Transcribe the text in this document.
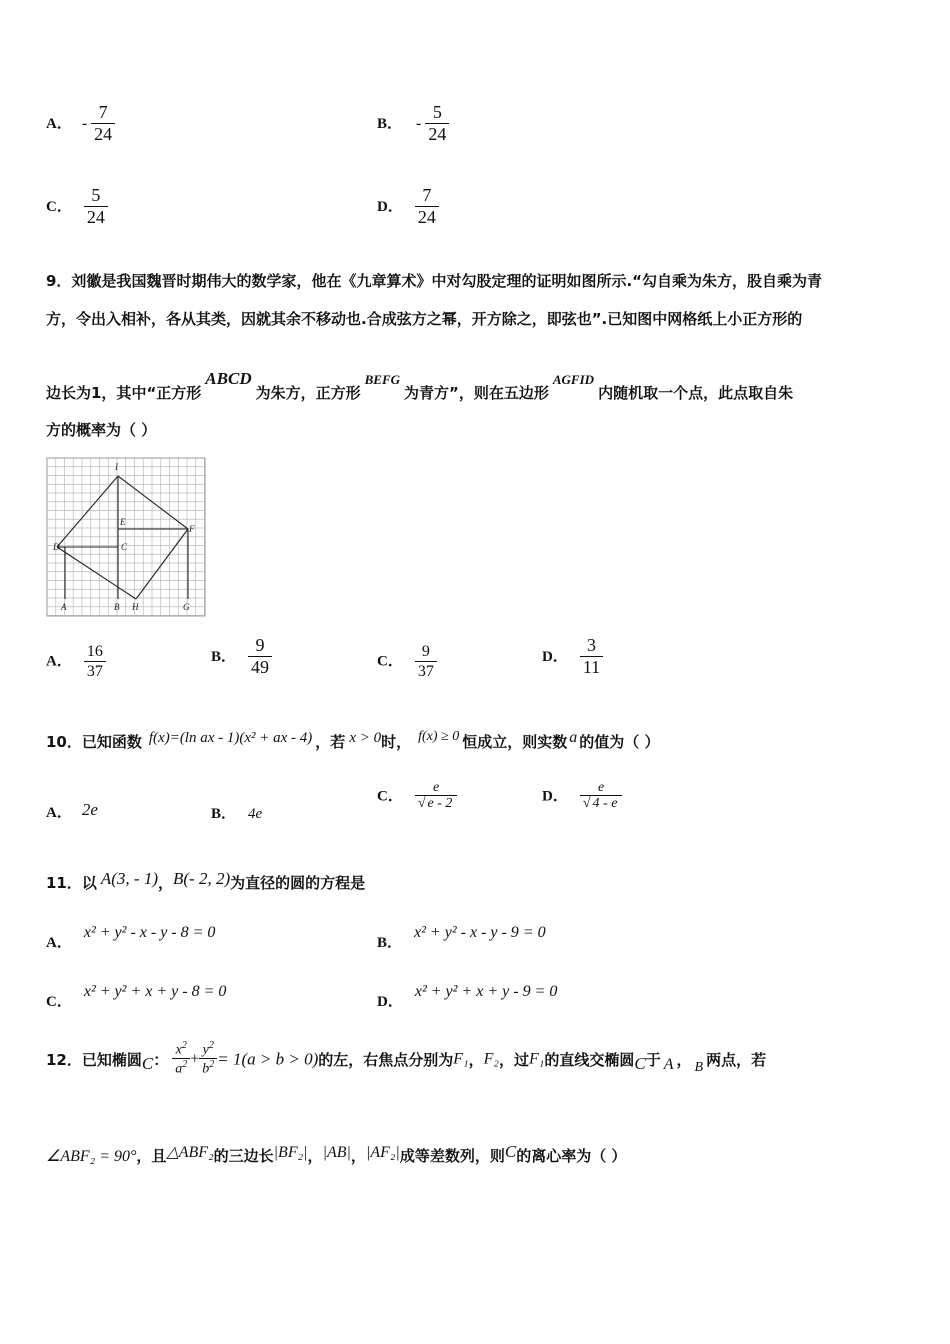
A． - $\frac{7}{24}$	B． - $\frac{5}{24}$
C． $\frac{5}{24}$	D． $\frac{7}{24}$
9．刘徽是我国魏晋时期伟大的数学家，他在《九章算术》中对勾股定理的证明如图所示.“勾自乘为朱方，股自乘为青
方，令出入相补，各从其类，因就其余不移动也.合成弦方之幂，开方除之，即弦也”.已知图中网格纸上小正方形的
边长为1，其中“正方形ABCD为朱方，正方形BEFG为青方”，则在五边形AGFID内随机取一个点，此点取自朱
方的概率为（ ）
I
E
F
D	C
A	B H	G
A． $\frac{16}{37}$	B． $\frac{9}{49}$	C． $\frac{9}{37}$	D． $\frac{3}{11}$
10．已知函数 f(x)=(ln ax - 1)(x² + ax - 4) ，若 x > 0时， f(x) ≥ 0 恒成立，则实数 a 的值为（ ）
A． 2e	B． 4e
C． $\frac{e}{√ e - 2}$	D． $\frac{e}{√ 4 - e}$
11．以 A(3, - 1)，B(- 2, 2)为直径的圆的方程是
A． x² + y² - x - y - 8 = 0
B． x² + y² - x - y - 9 = 0
C． x² + y² + x + y - 8 = 0
D． x² + y² + x + y - 9 = 0
12．已知椭圆C： $\frac{x^2}{a^2} + \frac{y^2}{b^2} = 1(a > b > 0)$的左，右焦点分别为F₁，F₂，过F₁的直线交椭圆C于 A ， B 两点，若
∠ABF₂ = 90°，且△ABF₂的三边长|BF₂|，|AB|，|AF₂|成等差数列，则C的离心率为（ ）
